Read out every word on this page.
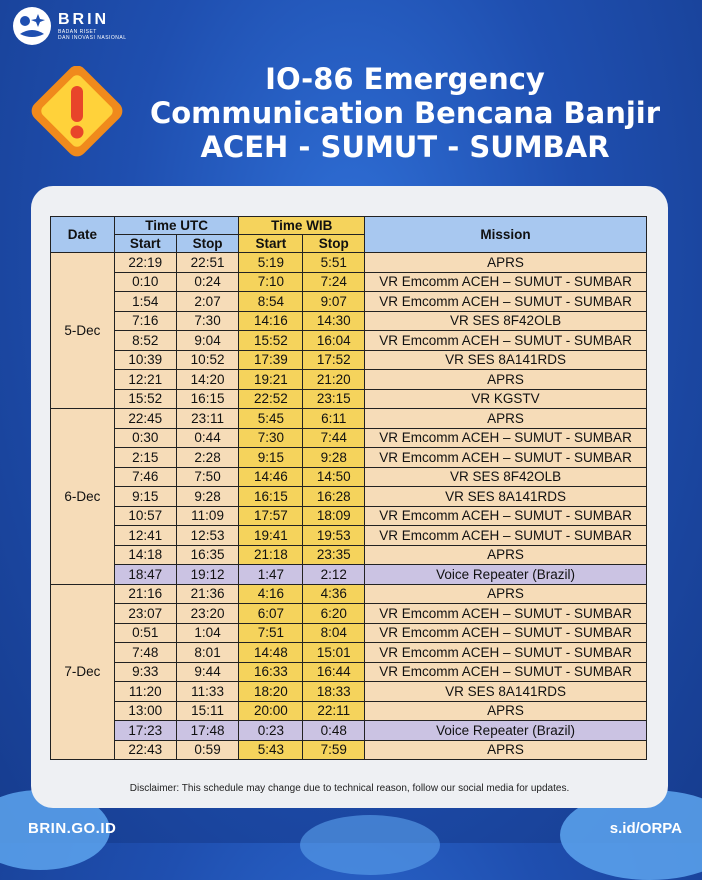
BRIN
BADAN RISET
DAN INOVASI NASIONAL
IO-86 Emergency
Communication Bencana Banjir
ACEH - SUMUT - SUMBAR
Date	Time UTC		Time WIB		Mission
	Start	Stop	Start	Stop	
5-Dec	22:19	22:51	5:19	5:51	APRS
	0:10	0:24	7:10	7:24	VR Emcomm ACEH – SUMUT - SUMBAR
	1:54	2:07	8:54	9:07	VR Emcomm ACEH – SUMUT - SUMBAR
	7:16	7:30	14:16	14:30	VR SES 8F42OLB
	8:52	9:04	15:52	16:04	VR Emcomm ACEH – SUMUT - SUMBAR
	10:39	10:52	17:39	17:52	VR SES 8A141RDS
	12:21	14:20	19:21	21:20	APRS
	15:52	16:15	22:52	23:15	VR KGSTV
6-Dec	22:45	23:11	5:45	6:11	APRS
	0:30	0:44	7:30	7:44	VR Emcomm ACEH – SUMUT - SUMBAR
	2:15	2:28	9:15	9:28	VR Emcomm ACEH – SUMUT - SUMBAR
	7:46	7:50	14:46	14:50	VR SES 8F42OLB
	9:15	9:28	16:15	16:28	VR SES 8A141RDS
	10:57	11:09	17:57	18:09	VR Emcomm ACEH – SUMUT - SUMBAR
	12:41	12:53	19:41	19:53	VR Emcomm ACEH – SUMUT - SUMBAR
	14:18	16:35	21:18	23:35	APRS
	18:47	19:12	1:47	2:12	Voice Repeater (Brazil)
7-Dec	21:16	21:36	4:16	4:36	APRS
	23:07	23:20	6:07	6:20	VR Emcomm ACEH – SUMUT - SUMBAR
	0:51	1:04	7:51	8:04	VR Emcomm ACEH – SUMUT - SUMBAR
	7:48	8:01	14:48	15:01	VR Emcomm ACEH – SUMUT - SUMBAR
	9:33	9:44	16:33	16:44	VR Emcomm ACEH – SUMUT - SUMBAR
	11:20	11:33	18:20	18:33	VR SES 8A141RDS
	13:00	15:11	20:00	22:11	APRS
	17:23	17:48	0:23	0:48	Voice Repeater (Brazil)
	22:43	0:59	5:43	7:59	APRS
Disclaimer: This schedule may change due to technical reason, follow our social media for updates.
BRIN.GO.ID	s.id/ORPA
